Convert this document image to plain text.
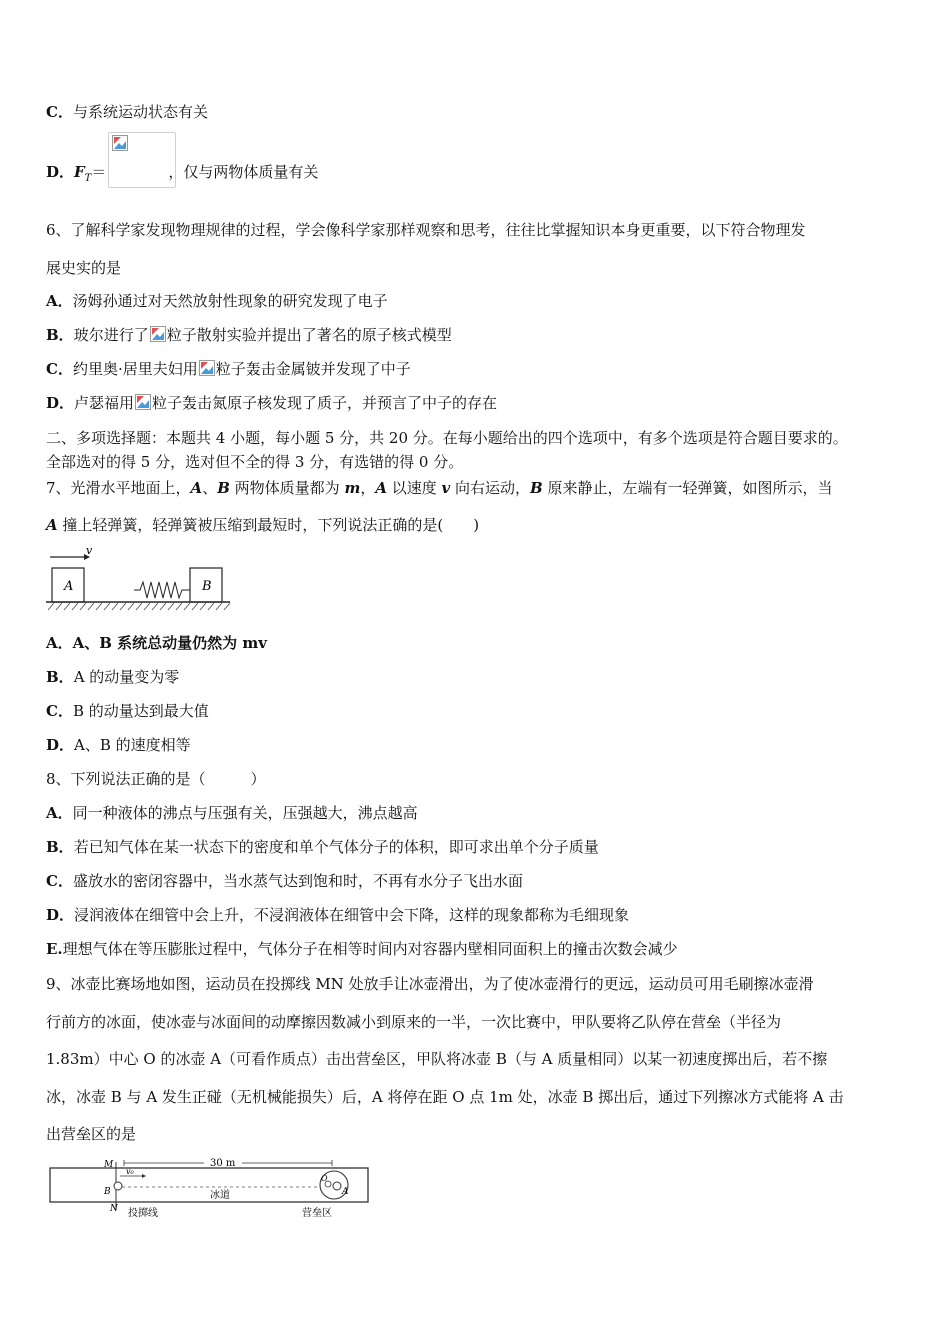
C．与系统运动状态有关
D．$F_T=$	，仅与两物体质量有关
6、了解科学家发现物理规律的过程，学会像科学家那样观察和思考，往往比掌握知识本身更重要，以下符合物理发
展史实的是
A．汤姆孙通过对天然放射性现象的研究发现了电子
B．玻尔进行了 粒子散射实验并提出了著名的原子核式模型
C．约里奥·居里夫妇用 粒子轰击金属铍并发现了中子
D．卢瑟福用 粒子轰击氮原子核发现了质子，并预言了中子的存在
二、多项选择题：本题共 4 小题，每小题 5 分，共 20 分。在每小题给出的四个选项中，有多个选项是符合题目要求的。
全部选对的得 5 分，选对但不全的得 3 分，有选错的得 0 分。
7、光滑水平地面上，A、B 两物体质量都为 m，A 以速度 v 向右运动，B 原来静止，左端有一轻弹簧，如图所示，当
A 撞上轻弹簧，轻弹簧被压缩到最短时，下列说法正确的是(　　)
v
A	B
A．A、B 系统总动量仍然为 mv
B．A 的动量变为零
C．B 的动量达到最大值
D．A、B 的速度相等
8、下列说法正确的是（　　　）
A．同一种液体的沸点与压强有关，压强越大，沸点越高
B．若已知气体在某一状态下的密度和单个气体分子的体积，即可求出单个分子质量
C．盛放水的密闭容器中，当水蒸气达到饱和时，不再有水分子飞出水面
D．浸润液体在细管中会上升，不浸润液体在细管中会下降，这样的现象都称为毛细现象
E.理想气体在等压膨胀过程中，气体分子在相等时间内对容器内壁相同面积上的撞击次数会减少
9、冰壶比赛场地如图，运动员在投掷线 MN 处放手让冰壶滑出，为了使冰壶滑行的更远，运动员可用毛刷擦冰壶滑
行前方的冰面，使冰壶与冰面间的动摩擦因数减小到原来的一半，一次比赛中，甲队要将乙队停在营垒（半径为
1.83m）中心 O 的冰壶 A（可看作质点）击出营垒区，甲队将冰壶 B（与 A 质量相同）以某一初速度掷出后，若不擦
冰，冰壶 B 与 A 发生正碰（无机械能损失）后，A 将停在距 O 点 1m 处，冰壶 B 掷出后，通过下列擦冰方式能将 A 击
出营垒区的是
M
N
30 m
v₀
B	冰道
O
A
投掷线	营垒区
